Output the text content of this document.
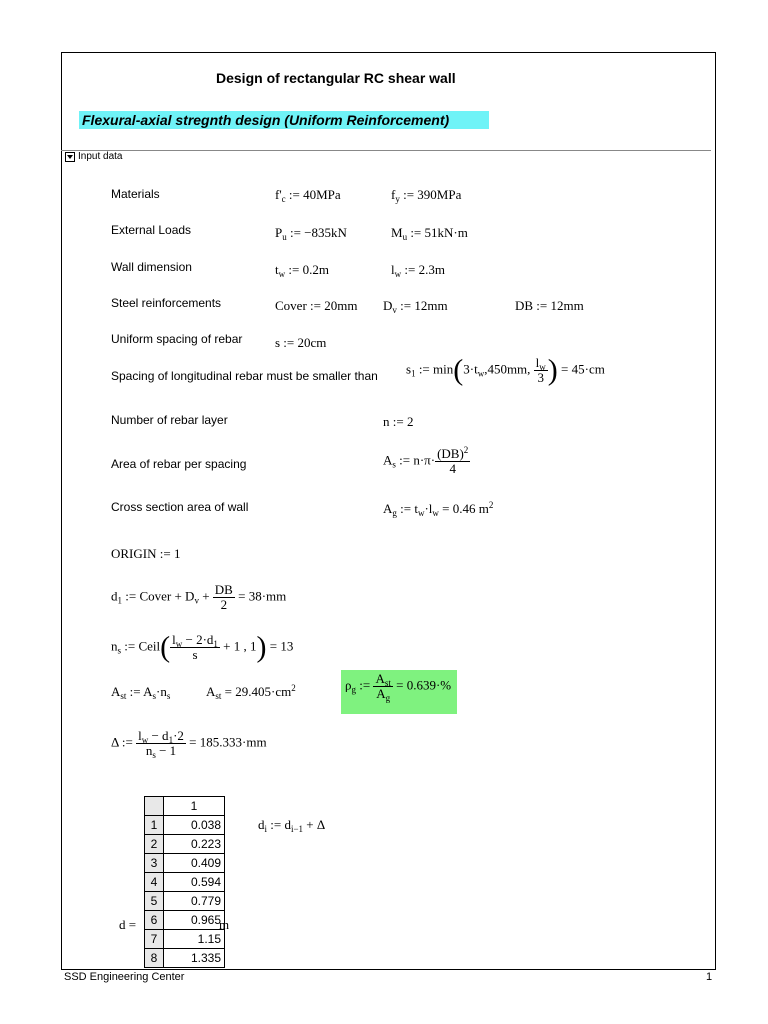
Design of rectangular RC shear wall
Flexural-axial stregnth design (Uniform Reinforcement)
Input data
Materials	$f'_c$ := 40MPa	$f_y$ := 390MPa
External Loads	$P_u$ := −835kN	$M_u$ := 51kN·m
Wall dimension	$t_w$ := 0.2m	$l_w$ := 2.3m
Steel reinforcements	Cover := 20mm $D_v$ := 12mm	DB := 12mm
Uniform spacing of rebar	s := 20cm
Spacing of longitudinal rebar must be smaller than $s_1$ := $\min(3\cdot t_w,450mm$, $\frac{l_w}{3}$ ) = 45·cm
Number of rebar layer	n := 2
Area of rebar per spacing	$A_s$ := $n\cdot\pi\cdot \frac{(DB)^2}{4}$
Cross section area of wall	$A_g$ := $t_w\cdot l_w = 0.46$ $m^2$
ORIGIN := 1
$d_1$ := Cover + $D_v + \frac{DB}{2} = 38\cdot mm$
$n_s$ := Ceil( $\frac{l_w - 2\cdot d_1}{s} + 1$ , 1) = 13
$A_{st}$ := $A_s\cdot n_s$	$A_{st} = 29.405\cdot cm^2$	$\rho_g$ := $\frac{A_{st}}{A_g} = 0.639\cdot\%$
Δ := $\frac{l_w - d_1\cdot 2}{n_s - 1} = 185.333\cdot mm$
d =
	1
1	0.038
2	0.223
3	0.409
4	0.594
5	0.779
6	0.965
7	1.15
8	1.335
m
$d_i$ := $d_{i-1} + \Delta$
SSD Engineering Center	1
